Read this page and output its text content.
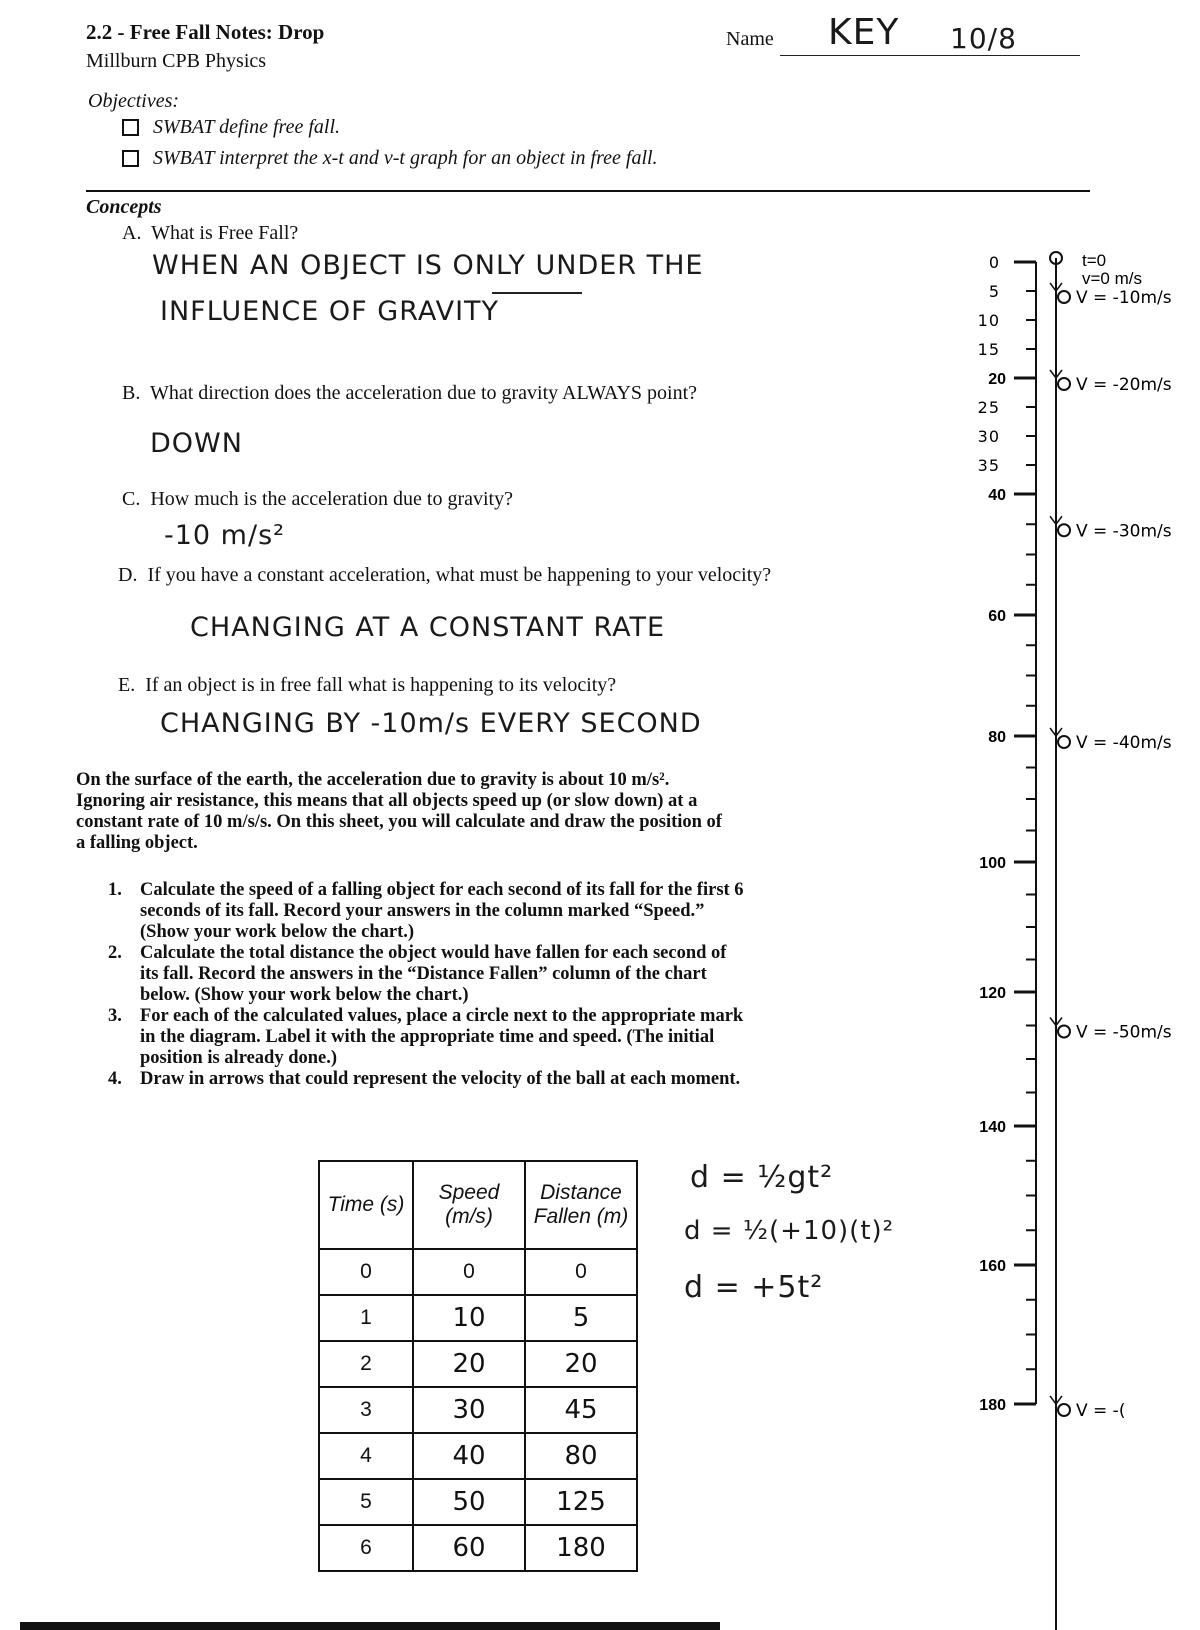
2.2 - Free Fall Notes: Drop
Millburn CPB Physics
Name KEY 10/8
Objectives:
SWBAT define free fall.
SWBAT interpret the x-t and v-t graph for an object in free fall.
Concepts
A. What is Free Fall?
WHEN AN OBJECT IS ONLY UNDER THE
INFLUENCE OF GRAVITY
B. What direction does the acceleration due to gravity ALWAYS point?
DOWN
C. How much is the acceleration due to gravity?
-10 m/s²
D. If you have a constant acceleration, what must be happening to your velocity?
CHANGING AT A CONSTANT RATE
E. If an object is in free fall what is happening to its velocity?
CHANGING BY -10m/s EVERY SECOND
On the surface of the earth, the acceleration due to gravity is about 10 m/s². Ignoring air resistance, this means that all objects speed up (or slow down) at a constant rate of 10 m/s/s. On this sheet, you will calculate and draw the position of a falling object.
1. Calculate the speed of a falling object for each second of its fall for the first 6 seconds of its fall. Record your answers in the column marked “Speed.” (Show your work below the chart.)
2. Calculate the total distance the object would have fallen for each second of its fall. Record the answers in the “Distance Fallen” column of the chart below. (Show your work below the chart.)
3. For each of the calculated values, place a circle next to the appropriate mark in the diagram. Label it with the appropriate time and speed. (The initial position is already done.)
4. Draw in arrows that could represent the velocity of the ball at each moment.
Time (s)	Speed (m/s)	Distance Fallen (m)
0	0	0
1	10	5
2	20	20
3	30	45
4	40	80
5	50	125
6	60	180
d = ½gt²
d = ½(+10)(t)²
d = +5t²
20
40
60
80
100
120
140
160
180
0
5
10
15
25
30
35
t=0
v=0 m/s
V = -10m/s
V = -20m/s
V = -30m/s
V = -40m/s
V = -50m/s
V = -(
